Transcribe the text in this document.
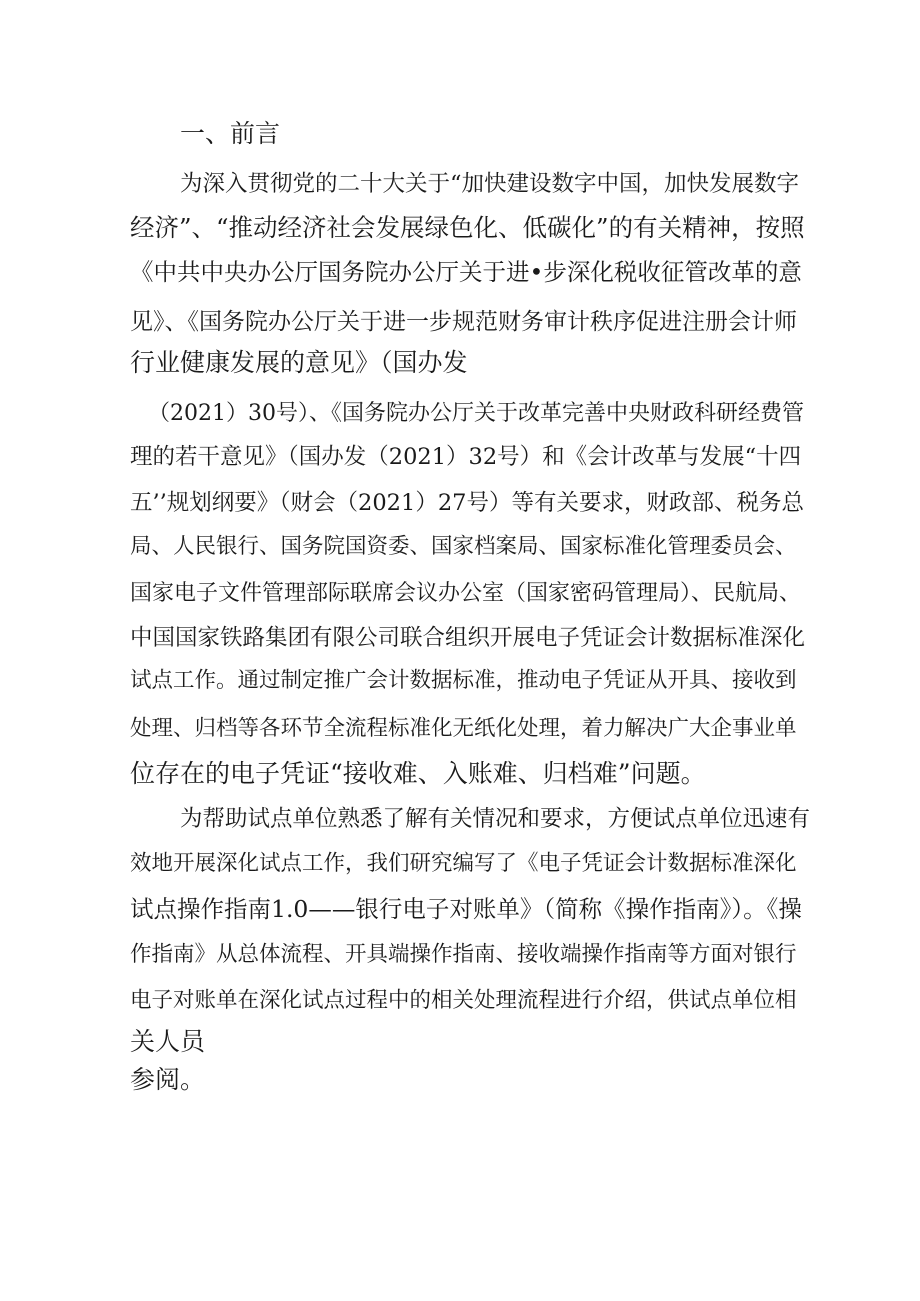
一、前言
为深入贯彻党的二十大关于“加快建设数字中国，加快发展数字
经济”、“推动经济社会发展绿色化、低碳化”的有关精神，按照
《中共中央办公厅国务院办公厅关于进•步深化税收征管改革的意
见》、《国务院办公厅关于进一步规范财务审计秩序促进注册会计师
行业健康发展的意见》（国办发
（2021）30号）、《国务院办公厅关于改革完善中央财政科研经费管
理的若干意见》（国办发（2021）32号）和《会计改革与发展“十四
五’’规划纲要》（财会（2021）27号）等有关要求，财政部、税务总
局、人民银行、国务院国资委、国家档案局、国家标准化管理委员会、
国家电子文件管理部际联席会议办公室（国家密码管理局）、民航局、
中国国家铁路集团有限公司联合组织开展电子凭证会计数据标准深化
试点工作。通过制定推广会计数据标准，推动电子凭证从开具、接收到
处理、归档等各环节全流程标准化无纸化处理，着力解决广大企事业单
位存在的电子凭证“接收难、入账难、归档难”问题。
为帮助试点单位熟悉了解有关情况和要求，方便试点单位迅速有
效地开展深化试点工作，我们研究编写了《电子凭证会计数据标准深化
试点操作指南1.0——银行电子对账单》（简称《操作指南》）。《操
作指南》从总体流程、开具端操作指南、接收端操作指南等方面对银行
电子对账单在深化试点过程中的相关处理流程进行介绍，供试点单位相
关人员
参阅。
